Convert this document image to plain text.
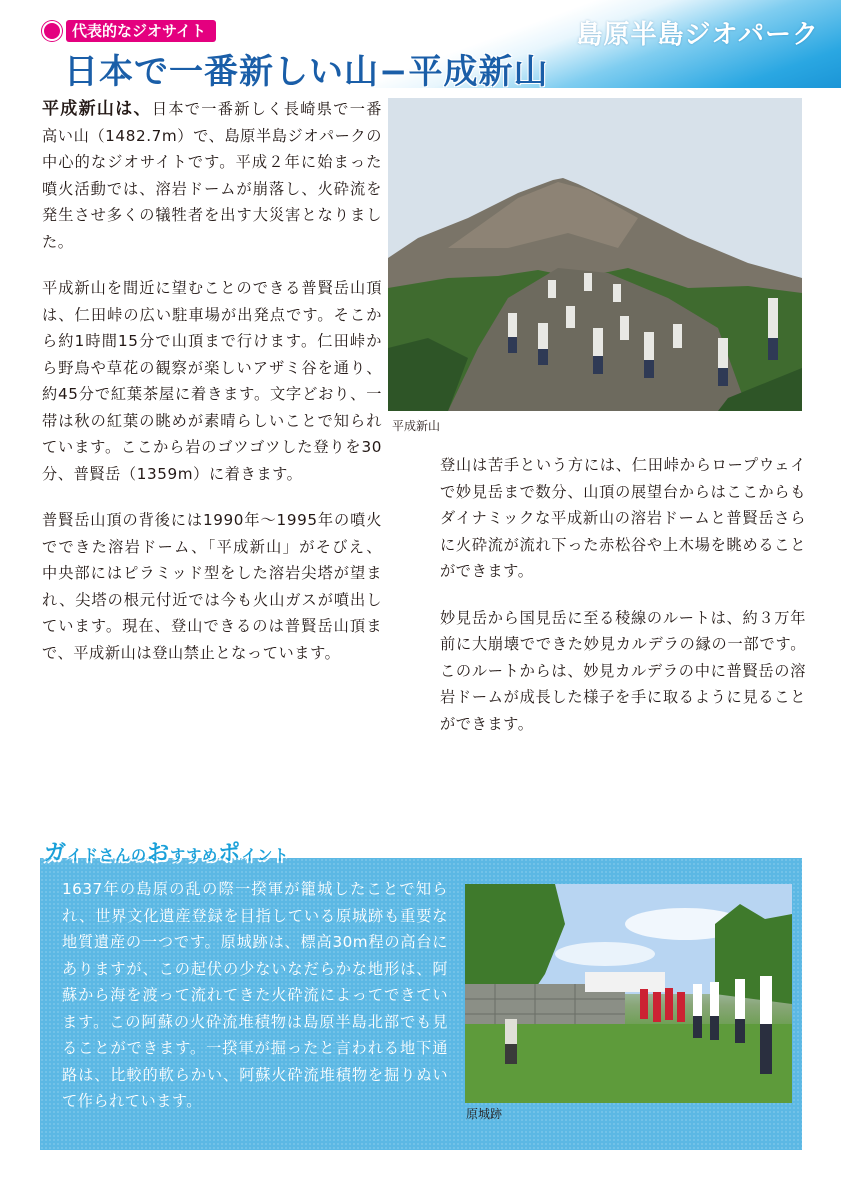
島原半島ジオパーク
代表的なジオサイト
日本で一番新しい山−平成新山

平成新山は、日本で一番新しく長崎県で一番高い山（1482.7m）で、島原半島ジオパークの中心的なジオサイトです。平成２年に始まった噴火活動では、溶岩ドームが崩落し、火砕流を発生させ多くの犠牲者を出す大災害となりました。

平成新山を間近に望むことのできる普賢岳山頂は、仁田峠の広い駐車場が出発点です。そこから約1時間15分で山頂まで行けます。仁田峠から野鳥や草花の観察が楽しいアザミ谷を通り、約45分で紅葉茶屋に着きます。文字どおり、一帯は秋の紅葉の眺めが素晴らしいことで知られています。ここから岩のゴツゴツした登りを30分、普賢岳（1359m）に着きます。

普賢岳山頂の背後には1990年〜1995年の噴火でできた溶岩ドーム、「平成新山」がそびえ、中央部にはピラミッド型をした溶岩尖塔が望まれ、尖塔の根元付近では今も火山ガスが噴出しています。現在、登山できるのは普賢岳山頂まで、平成新山は登山禁止となっています。

平成新山

登山は苦手という方には、仁田峠からロープウェイで妙見岳まで数分、山頂の展望台からはここからもダイナミックな平成新山の溶岩ドームと普賢岳さらに火砕流が流れ下った赤松谷や上木場を眺めることができます。

妙見岳から国見岳に至る稜線のルートは、約３万年前に大崩壊でできた妙見カルデラの縁の一部です。このルートからは、妙見カルデラの中に普賢岳の溶岩ドームが成長した様子を手に取るように見ることができます。

ガイドさんのおすすめポイント
1637年の島原の乱の際一揆軍が籠城したことで知られ、世界文化遺産登録を目指している原城跡も重要な地質遺産の一つです。原城跡は、標高30m程の高台にありますが、この起伏の少ないなだらかな地形は、阿蘇から海を渡って流れてきた火砕流によってできています。この阿蘇の火砕流堆積物は島原半島北部でも見ることができます。一揆軍が掘ったと言われる地下通路は、比較的軟らかい、阿蘇火砕流堆積物を掘りぬいて作られています。
原城跡
